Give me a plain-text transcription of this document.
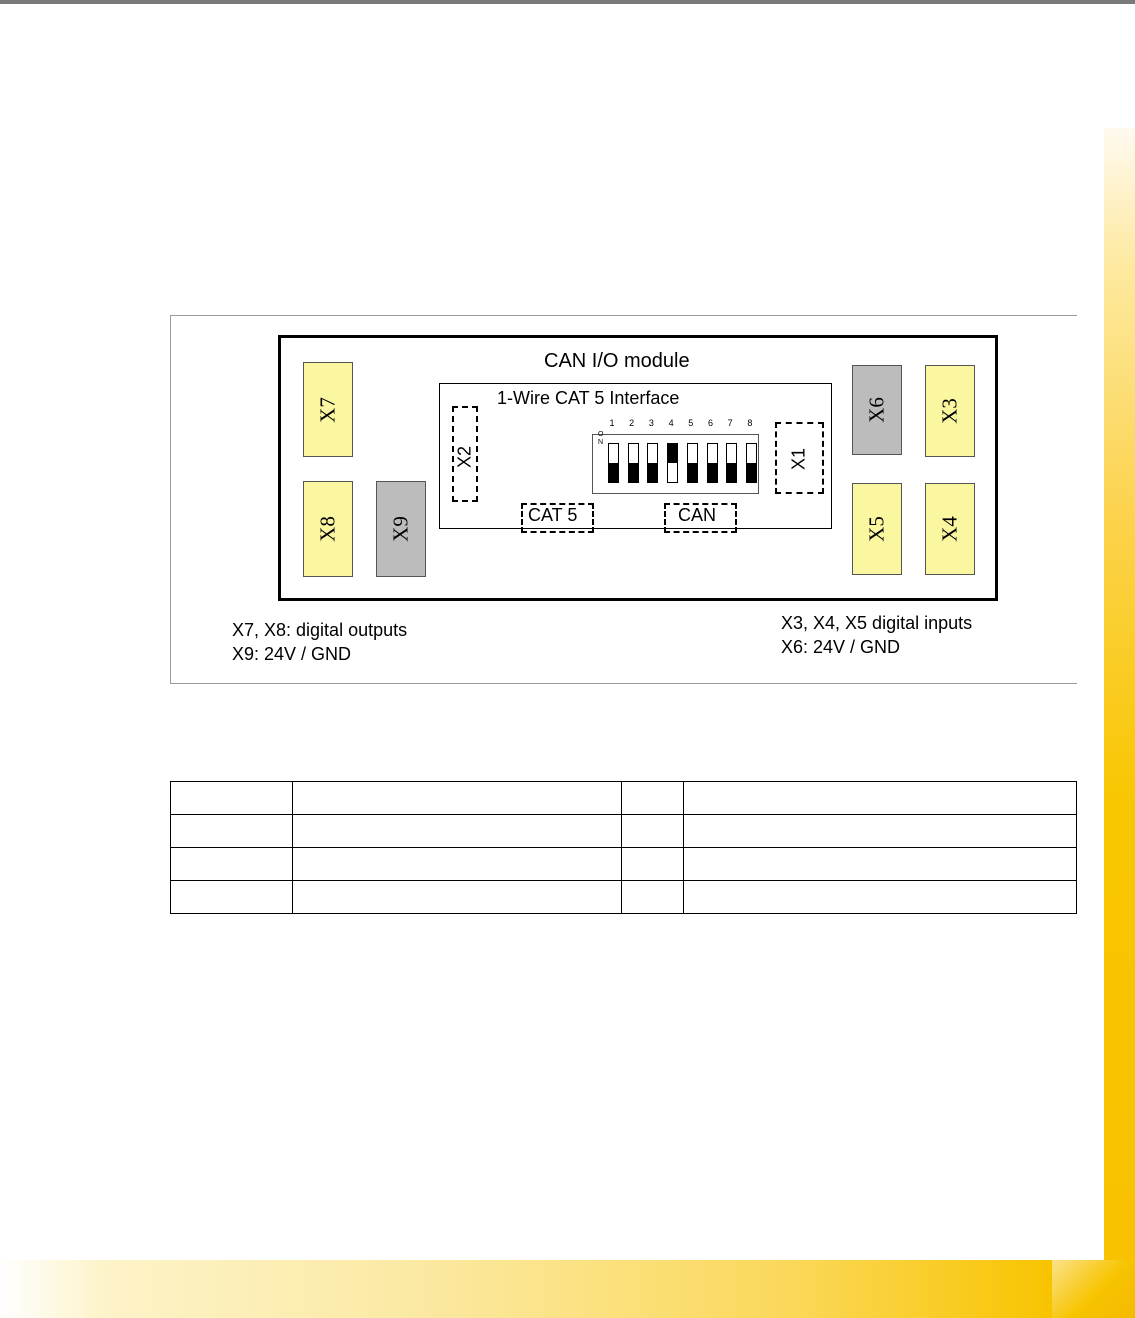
CAN I/O module
X7
X8 X9
X6 X3
X5 X4
1-Wire CAT 5 Interface
X2	X1
CAT 5	CAN
1 2 3 4 5 6 7 8
O
N
X7, X8: digital outputs
X9: 24V / GND
X3, X4, X5 digital inputs
X6: 24V / GND
